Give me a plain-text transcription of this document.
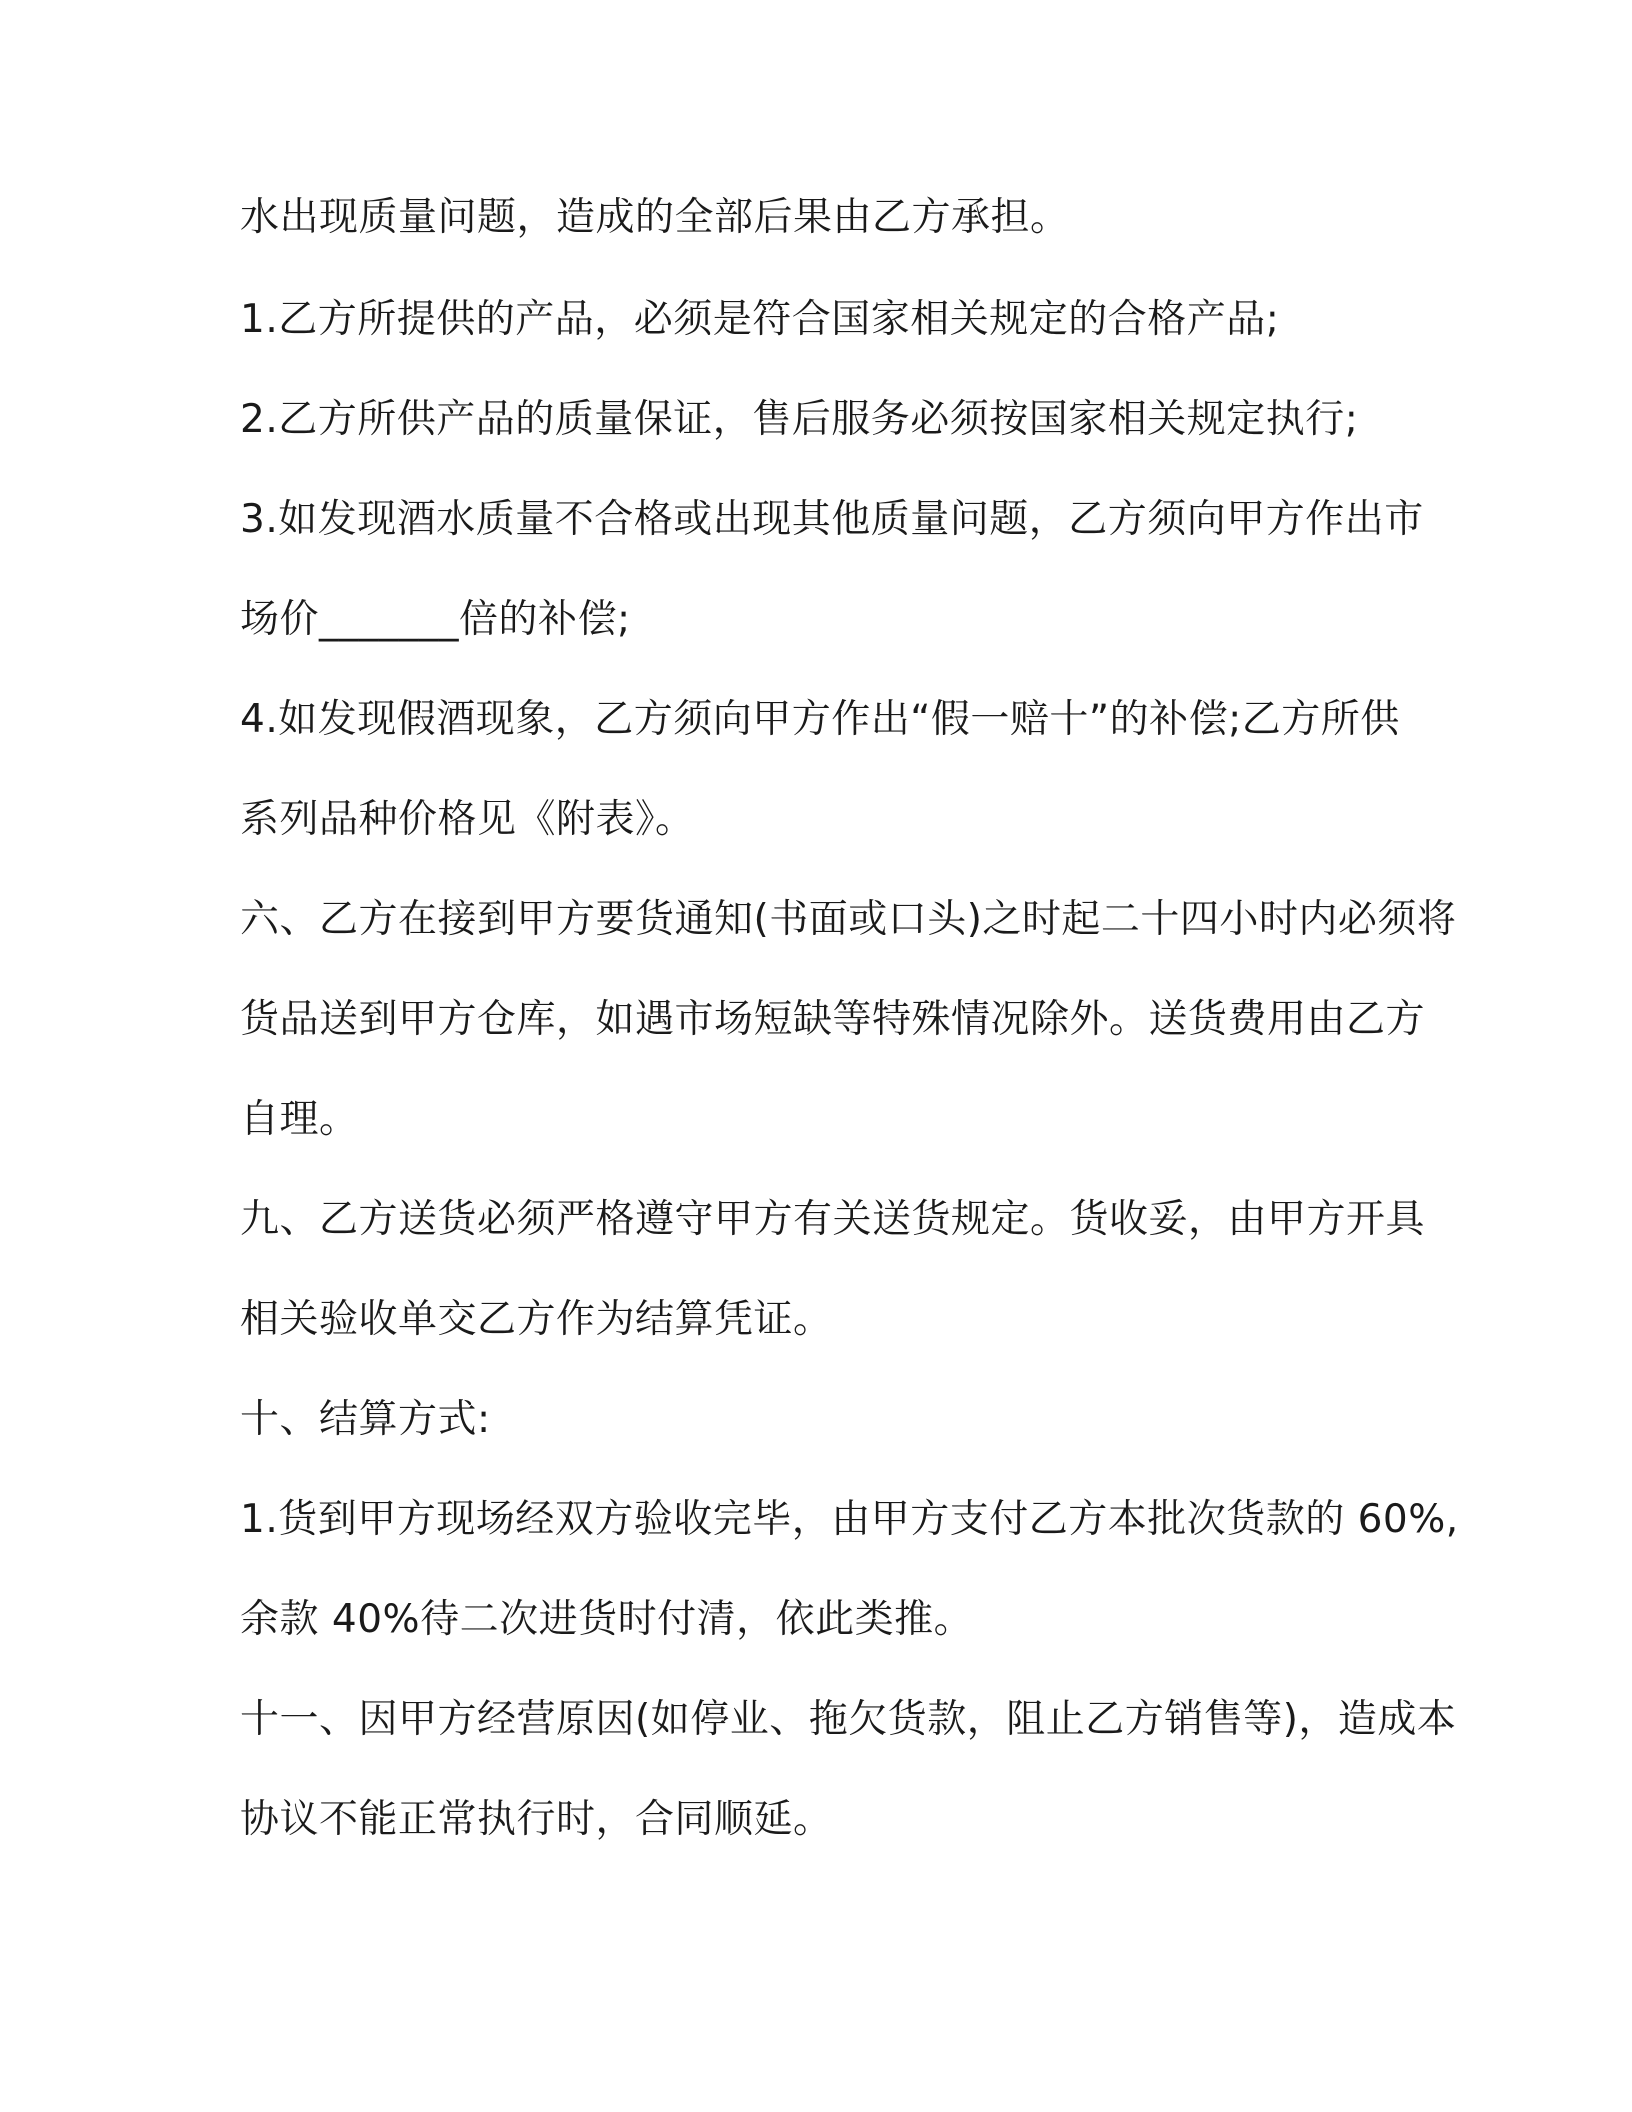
水出现质量问题，造成的全部后果由乙方承担。
1.乙方所提供的产品，必须是符合国家相关规定的合格产品;
2.乙方所供产品的质量保证，售后服务必须按国家相关规定执行;
3.如发现酒水质量不合格或出现其他质量问题，乙方须向甲方作出市
场价_______倍的补偿;
4.如发现假酒现象，乙方须向甲方作出“假一赔十”的补偿;乙方所供
系列品种价格见《附表》。
六、乙方在接到甲方要货通知(书面或口头)之时起二十四小时内必须将
货品送到甲方仓库，如遇市场短缺等特殊情况除外。送货费用由乙方
自理。
九、乙方送货必须严格遵守甲方有关送货规定。货收妥，由甲方开具
相关验收单交乙方作为结算凭证。
十、结算方式:
1.货到甲方现场经双方验收完毕，由甲方支付乙方本批次货款的 60%,
余款 40%待二次进货时付清，依此类推。
十一、因甲方经营原因(如停业、拖欠货款，阻止乙方销售等)，造成本
协议不能正常执行时，合同顺延。
